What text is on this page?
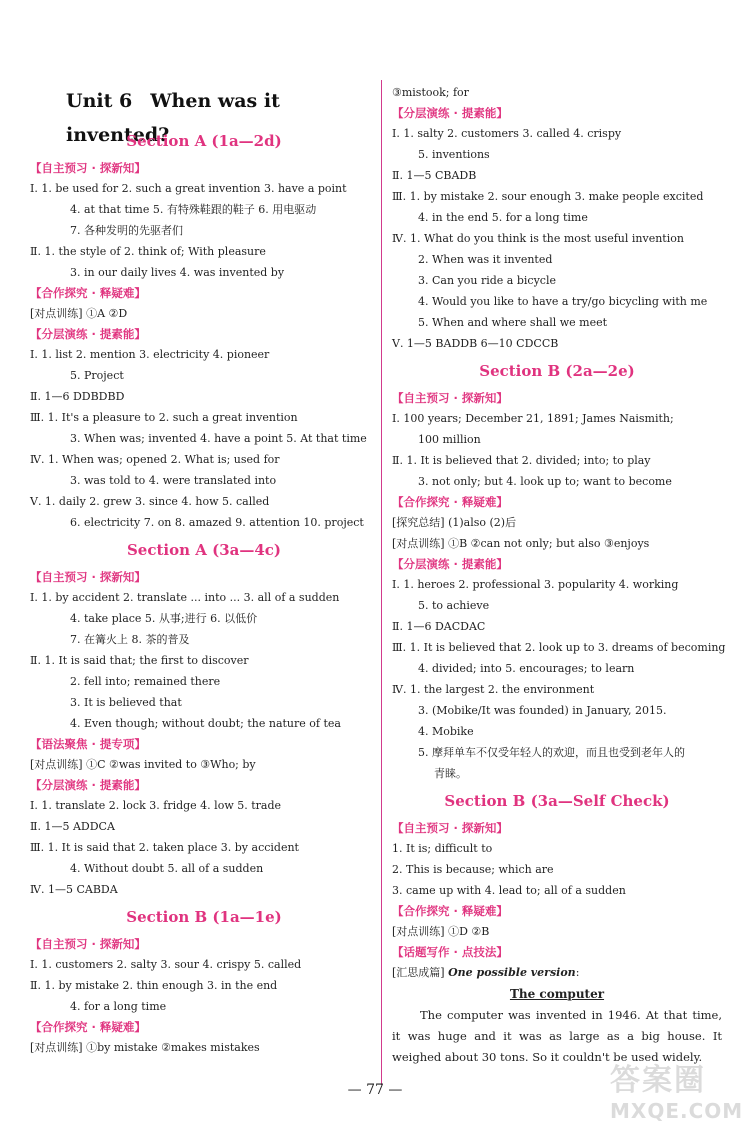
Unit 6 When was it invented?
Section A (1a—2d)
【自主预习 · 探新知】
Ⅰ. 1. be used for 2. such a great invention 3. have a point
4. at that time 5. 有特殊鞋跟的鞋子 6. 用电驱动
7. 各种发明的先驱者们
Ⅱ. 1. the style of 2. think of; With pleasure
3. in our daily lives 4. was invented by
【合作探究 · 释疑难】
[对点训练] ①A ②D
【分层演练 · 提素能】
Ⅰ. 1. list 2. mention 3. electricity 4. pioneer
5. Project
Ⅱ. 1—6 DDBDBD
Ⅲ. 1. It's a pleasure to 2. such a great invention
3. When was; invented 4. have a point 5. At that time
Ⅳ. 1. When was; opened 2. What is; used for
3. was told to 4. were translated into
Ⅴ. 1. daily 2. grew 3. since 4. how 5. called
6. electricity 7. on 8. amazed 9. attention 10. project
Section A (3a—4c)
【自主预习 · 探新知】
Ⅰ. 1. by accident 2. translate ... into ... 3. all of a sudden
4. take place 5. 从事;进行 6. 以低价
7. 在篝火上 8. 茶的普及
Ⅱ. 1. It is said that; the first to discover
2. fell into; remained there
3. It is believed that
4. Even though; without doubt; the nature of tea
【语法聚焦 · 提专项】
[对点训练] ①C ②was invited to ③Who; by
【分层演练 · 提素能】
Ⅰ. 1. translate 2. lock 3. fridge 4. low 5. trade
Ⅱ. 1—5 ADDCA
Ⅲ. 1. It is said that 2. taken place 3. by accident
4. Without doubt 5. all of a sudden
Ⅳ. 1—5 CABDA
Section B (1a—1e)
【自主预习 · 探新知】
Ⅰ. 1. customers 2. salty 3. sour 4. crispy 5. called
Ⅱ. 1. by mistake 2. thin enough 3. in the end
4. for a long time
【合作探究 · 释疑难】
[对点训练] ①by mistake ②makes mistakes
③mistook; for
【分层演练 · 提素能】
Ⅰ. 1. salty 2. customers 3. called 4. crispy
5. inventions
Ⅱ. 1—5 CBADB
Ⅲ. 1. by mistake 2. sour enough 3. make people excited
4. in the end 5. for a long time
Ⅳ. 1. What do you think is the most useful invention
2. When was it invented
3. Can you ride a bicycle
4. Would you like to have a try/go bicycling with me
5. When and where shall we meet
Ⅴ. 1—5 BADDB 6—10 CDCCB
Section B (2a—2e)
【自主预习 · 探新知】
Ⅰ. 100 years; December 21, 1891; James Naismith;
100 million
Ⅱ. 1. It is believed that 2. divided; into; to play
3. not only; but 4. look up to; want to become
【合作探究 · 释疑难】
[探究总结] (1)also (2)后
[对点训练] ①B ②can not only; but also ③enjoys
【分层演练 · 提素能】
Ⅰ. 1. heroes 2. professional 3. popularity 4. working
5. to achieve
Ⅱ. 1—6 DACDAC
Ⅲ. 1. It is believed that 2. look up to 3. dreams of becoming
4. divided; into 5. encourages; to learn
Ⅳ. 1. the largest 2. the environment
3. (Mobike/It was founded) in January, 2015.
4. Mobike
5. 摩拜单车不仅受年轻人的欢迎，而且也受到老年人的
青睐。
Section B (3a—Self Check)
【自主预习 · 探新知】
1. It is; difficult to
2. This is because; which are
3. came up with 4. lead to; all of a sudden
【合作探究 · 释疑难】
[对点训练] ①D ②B
【话题写作 · 点技法】
[汇思成篇] One possible version:
The computer
The computer was invented in 1946. At that time, it was huge and it was as large as a big house. It weighed about 30 tons. So it couldn't be used widely.
— 77 —	答案圈
MXQE.COM
